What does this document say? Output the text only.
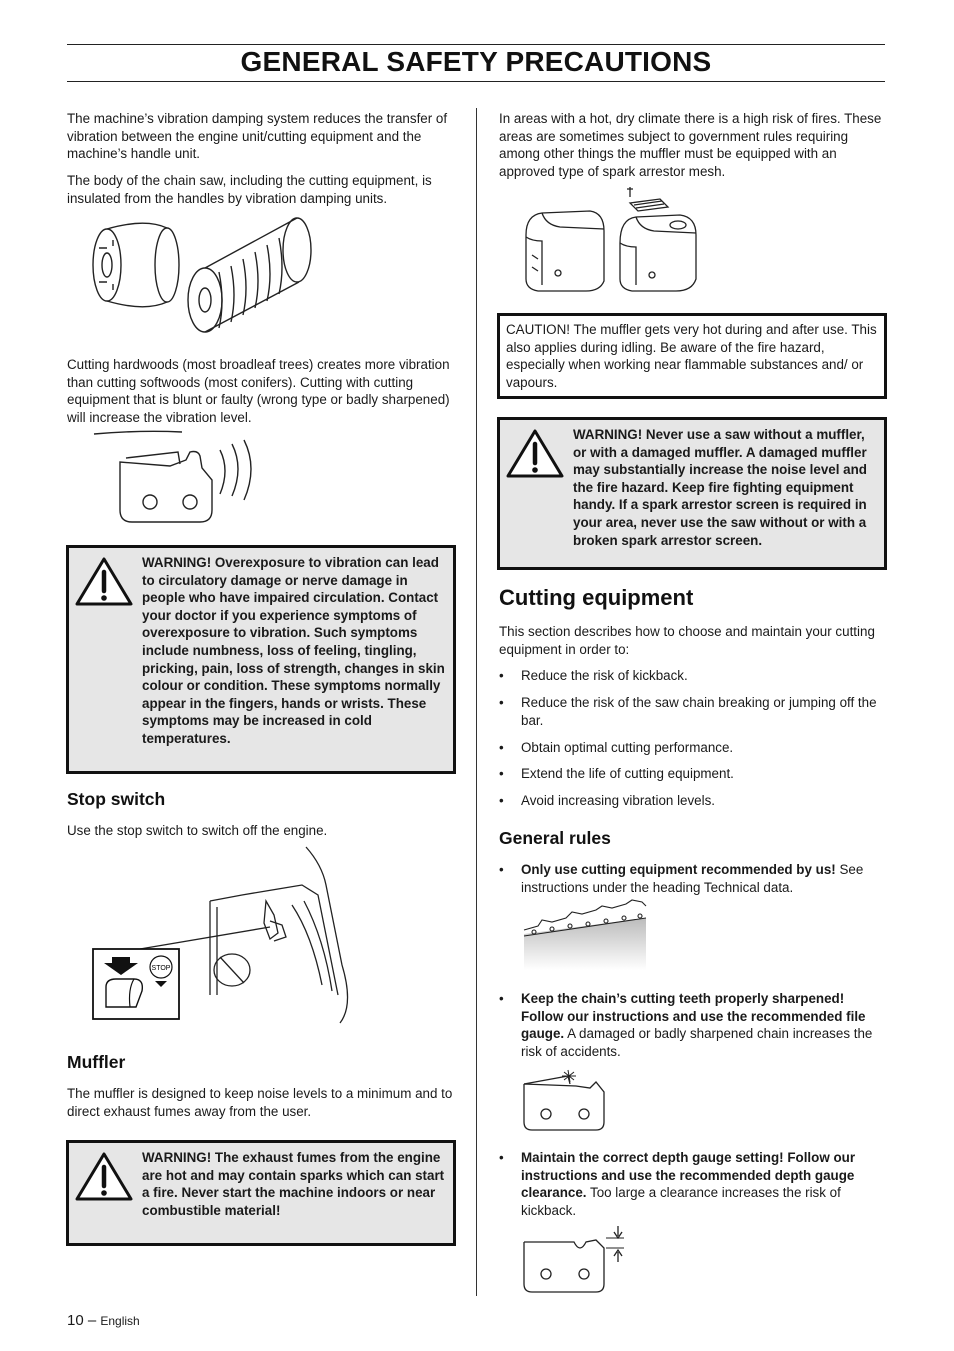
GENERAL SAFETY PRECAUTIONS

The machine’s vibration damping system reduces the transfer of vibration between the engine unit/cutting equipment and the machine’s handle unit.

The body of the chain saw, including the cutting equipment, is insulated from the handles by vibration damping units.

Cutting hardwoods (most broadleaf trees) creates more vibration than cutting softwoods (most conifers). Cutting with cutting equipment that is blunt or faulty (wrong type or badly sharpened) will increase the vibration level.

WARNING! Overexposure to vibration can lead to circulatory damage or nerve damage in people who have impaired circulation. Contact your doctor if you experience symptoms of overexposure to vibration. Such symptoms include numbness, loss of feeling, tingling, pricking, pain, loss of strength, changes in skin colour or condition. These symptoms normally appear in the fingers, hands or wrists. These symptoms may be increased in cold temperatures.

Stop switch

Use the stop switch to switch off the engine.

STOP
Muffler

The muffler is designed to keep noise levels to a minimum and to direct exhaust fumes away from the user.

WARNING! The exhaust fumes from the engine are hot and may contain sparks which can start a fire. Never start the machine indoors or near combustible material!

In areas with a hot, dry climate there is a high risk of fires. These areas are sometimes subject to government rules requiring among other things the muffler must be equipped with an approved type of spark arrestor mesh.

CAUTION! The muffler gets very hot during and after use. This also applies during idling. Be aware of the fire hazard, especially when working near flammable substances and/ or vapours.

WARNING! Never use a saw without a muffler, or with a damaged muffler. A damaged muffler may substantially increase the noise level and the fire hazard. Keep fire fighting equipment handy. If a spark arrestor screen is required in your area, never use the saw without or with a broken spark arrestor screen.

Cutting equipment

This section describes how to choose and maintain your cutting equipment in order to:

• Reduce the risk of kickback.

• Reduce the risk of the saw chain breaking or jumping off the bar.

• Obtain optimal cutting performance.

• Extend the life of cutting equipment.

• Avoid increasing vibration levels.

General rules

• Only use cutting equipment recommended by us! See instructions under the heading Technical data.

• Keep the chain’s cutting teeth properly sharpened! Follow our instructions and use the recommended file gauge. A damaged or badly sharpened chain increases the risk of accidents.

• Maintain the correct depth gauge setting! Follow our instructions and use the recommended depth gauge clearance. Too large a clearance increases the risk of kickback.

10 – English
